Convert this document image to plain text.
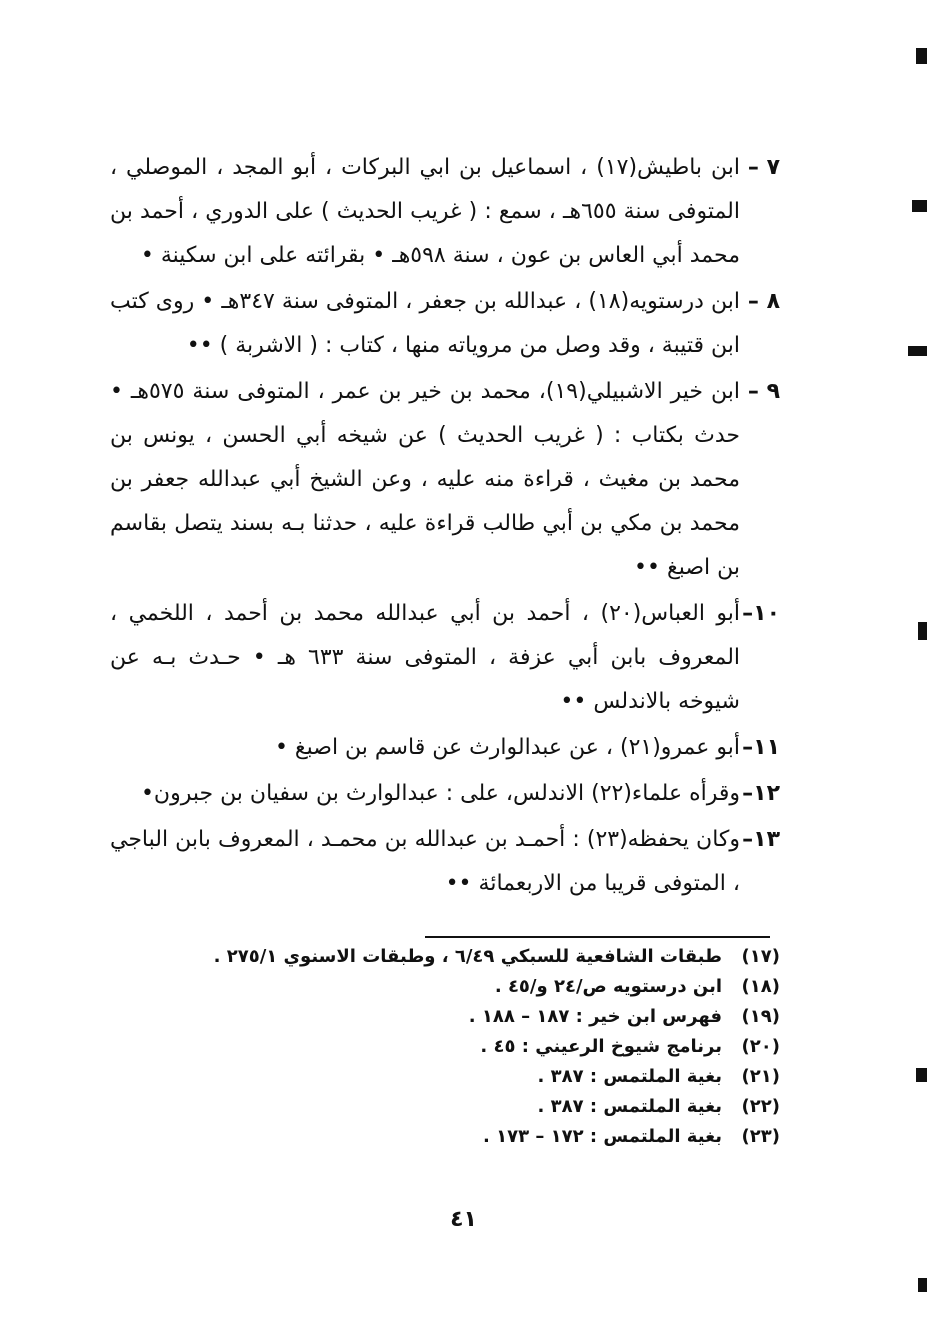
٧ –
ابن باطيش(١٧) ، اسماعيل بن ابي البركات ، أبو المجد ، الموصلي ، المتوفى سنة ٦٥٥هـ ، سمع : ( غريب الحديث ) على الدوري ، أحمد بن محمد أبي العاس بن عون ، سنة ٥٩٨هـ • بقرائته على ابن سكينة •
٨ –
ابن درستويه(١٨) ، عبدالله بن جعفر ، المتوفى سنة ٣٤٧هـ • روى كتب ابن قتيبة ، وقد وصل من مروياته منها ، كتاب : ( الاشربة ) ••
٩ –
ابن خير الاشبيلي(١٩)، محمد بن خير بن عمر ، المتوفى سنة ٥٧٥هـ • حدث بكتاب : ( غريب الحديث ) عن شيخه أبي الحسن ، يونس بن محمد بن مغيث ، قراءة منه عليه ، وعن الشيخ أبي عبدالله جعفر بن محمد بن مكي بن أبي طالب قراءة عليه ، حدثنا بـه بسند يتصل بقاسم بن اصبغ ••
١٠–
أبو العباس(٢٠) ، أحمد بن أبي عبدالله محمد بن أحمد ، اللخمي ، المعروف بابن أبي عزفة ، المتوفى سنة ٦٣٣ هـ • حـدث بـه عن شيوخه بالاندلس ••
١١–
أبو عمرو(٢١) ، عن عبدالوارث عن قاسم بن اصبغ •
١٢–
وقرأه علماء(٢٢) الاندلس، على : عبدالوارث بن سفيان بن جبرون•
١٣–
وكان يحفظه(٢٣) : أحمـد بن عبدالله بن محمـد ، المعروف بابن الباجي ، المتوفى قريبا من الاربعمائة ••
(١٧)
طبقات الشافعية للسبكي ٦/٤٩ ، وطبقات الاسنوي ٢٧٥/١ .
(١٨)
ابن درستويه ص/٢٤ و/٤٥ .
(١٩)
فهرس ابن خير : ١٨٧ – ١٨٨ .
(٢٠)
برنامج شيوخ الرعيني : ٤٥ .
(٢١)
بغية الملتمس : ٣٨٧ .
(٢٢)
بغية الملتمس : ٣٨٧ .
(٢٣)
بغية الملتمس : ١٧٢ – ١٧٣ .
٤١
